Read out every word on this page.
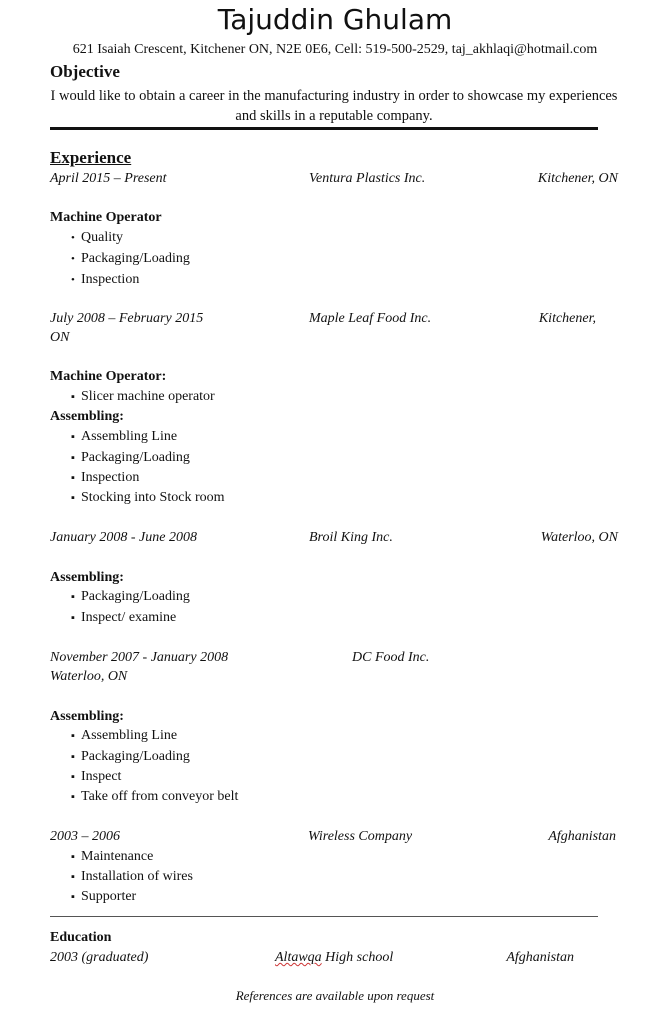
Tajuddin Ghulam
621 Isaiah Crescent, Kitchener ON, N2E 0E6, Cell: 519-500-2529, taj_akhlaqi@hotmail.com
Objective
I would like to obtain a career in the manufacturing industry in order to showcase my experiences and skills in a reputable company.
Experience
April 2015 – Present	Ventura Plastics Inc.	Kitchener, ON
Machine Operator
• Quality
• Packaging/Loading
• Inspection
July 2008 – February 2015	Maple Leaf Food Inc.	Kitchener,
ON
Machine Operator:
▪ Slicer machine operator
Assembling:
▪ Assembling Line
▪ Packaging/Loading
▪ Inspection
▪ Stocking into Stock room
January 2008 - June 2008	Broil King Inc.	Waterloo, ON
Assembling:
▪ Packaging/Loading
▪ Inspect/ examine
November 2007 - January 2008	DC Food Inc.
Waterloo, ON
Assembling:
▪ Assembling Line
▪ Packaging/Loading
▪ Inspect
▪ Take off from conveyor belt
2003 – 2006	Wireless Company	Afghanistan
▪ Maintenance
▪ Installation of wires
▪ Supporter
Education
2003 (graduated)	Altawqa High school	Afghanistan
References are available upon request
